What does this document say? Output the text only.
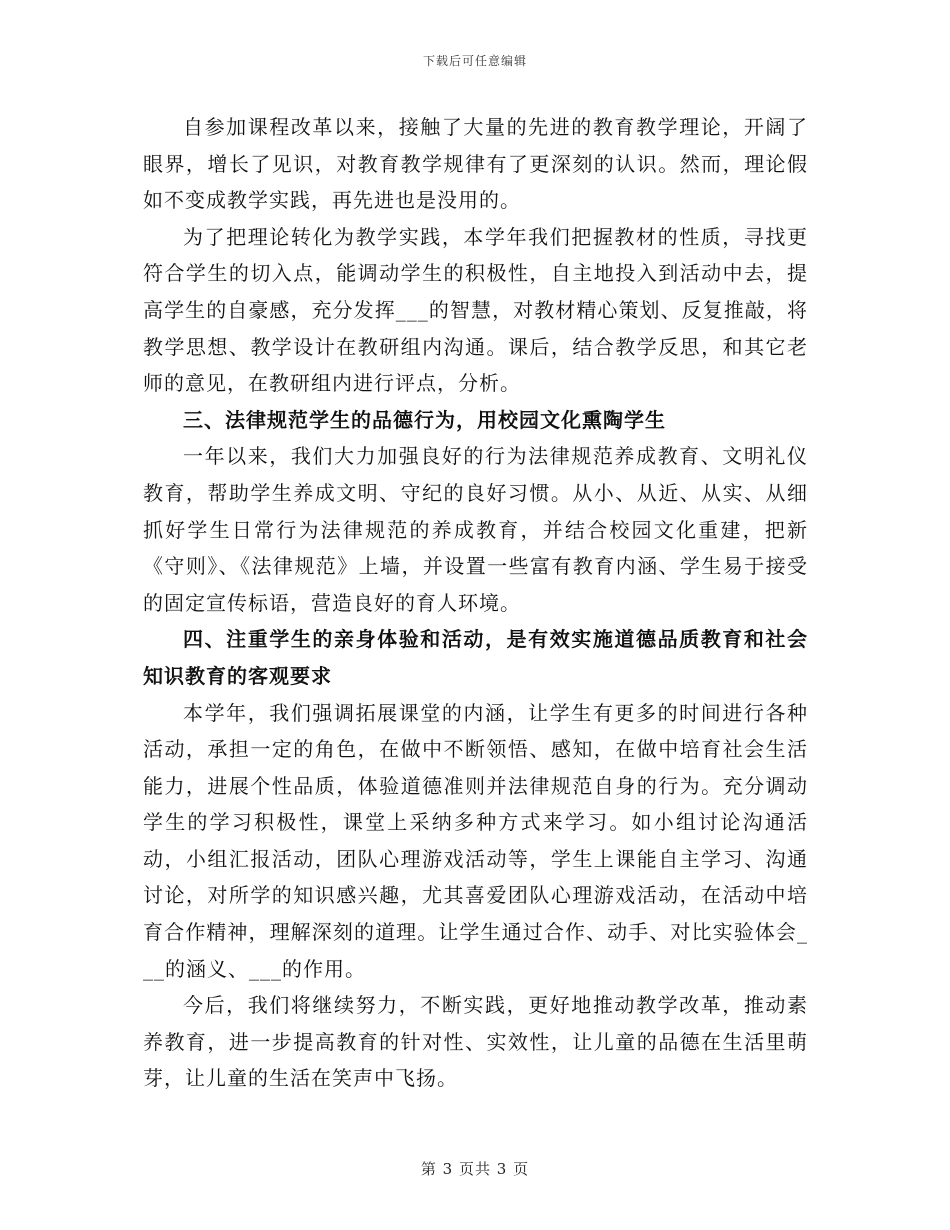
下载后可任意编辑

自参加课程改革以来，接触了大量的先进的教育教学理论，开阔了眼界，增长了见识，对教育教学规律有了更深刻的认识。然而，理论假如不变成教学实践，再先进也是没用的。

为了把理论转化为教学实践，本学年我们把握教材的性质，寻找更符合学生的切入点，能调动学生的积极性，自主地投入到活动中去，提高学生的自豪感，充分发挥___的智慧，对教材精心策划、反复推敲，将教学思想、教学设计在教研组内沟通。课后，结合教学反思，和其它老师的意见，在教研组内进行评点，分析。

三、法律规范学生的品德行为，用校园文化熏陶学生

一年以来，我们大力加强良好的行为法律规范养成教育、文明礼仪教育，帮助学生养成文明、守纪的良好习惯。从小、从近、从实、从细抓好学生日常行为法律规范的养成教育，并结合校园文化重建，把新《守则》、《法律规范》上墙，并设置一些富有教育内涵、学生易于接受的固定宣传标语，营造良好的育人环境。

四、注重学生的亲身体验和活动，是有效实施道德品质教育和社会知识教育的客观要求

本学年，我们强调拓展课堂的内涵，让学生有更多的时间进行各种活动，承担一定的角色，在做中不断领悟、感知，在做中培育社会生活能力，进展个性品质，体验道德准则并法律规范自身的行为。充分调动学生的学习积极性，课堂上采纳多种方式来学习。如小组讨论沟通活动，小组汇报活动，团队心理游戏活动等，学生上课能自主学习、沟通讨论，对所学的知识感兴趣，尤其喜爱团队心理游戏活动，在活动中培育合作精神，理解深刻的道理。让学生通过合作、动手、对比实验体会___的涵义、___的作用。

今后，我们将继续努力，不断实践，更好地推动教学改革，推动素养教育，进一步提高教育的针对性、实效性，让儿童的品德在生活里萌芽，让儿童的生活在笑声中飞扬。

第 3 页共 3 页
